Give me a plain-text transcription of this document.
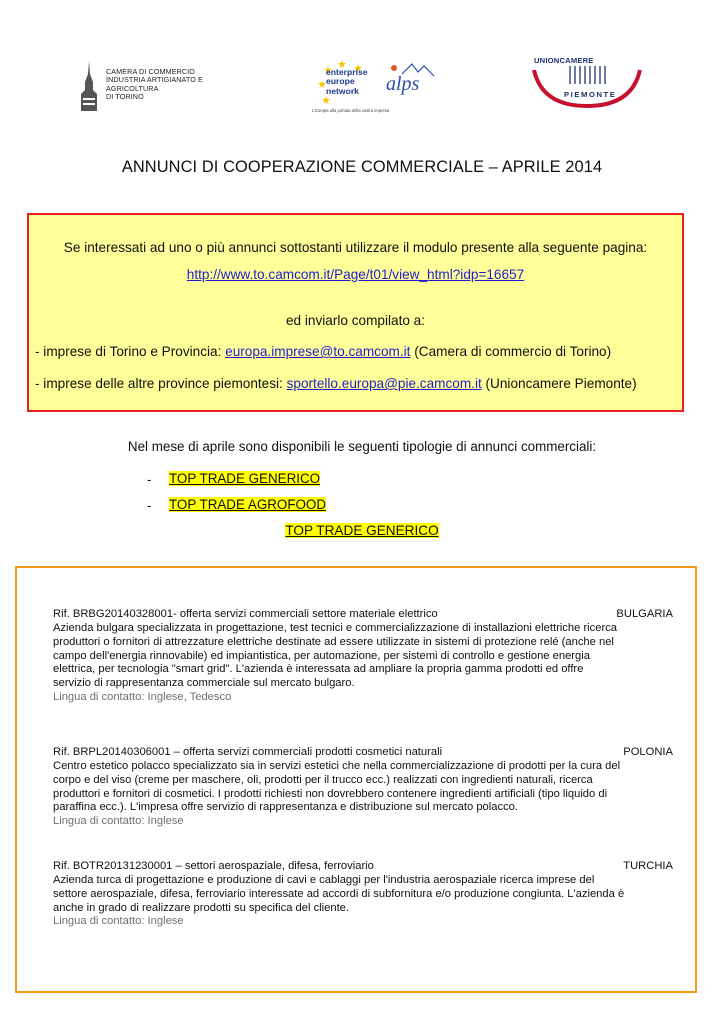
CAMERA DI COMMERCIO
INDUSTRIA ARTIGIANATO E AGRICOLTURA
DI TORINO
enterprise
europe
network
L'Europa alla portata della vostra impresa
alps
UNIONCAMERE
PIEMONTE
ANNUNCI DI COOPERAZIONE COMMERCIALE – APRILE 2014
Se interessati ad uno o più annunci sottostanti utilizzare il modulo presente alla seguente pagina:
http://www.to.camcom.it/Page/t01/view_html?idp=16657
ed inviarlo compilato a:
- imprese di Torino e Provincia: europa.imprese@to.camcom.it (Camera di commercio di Torino)
- imprese delle altre province piemontesi: sportello.europa@pie.camcom.it (Unioncamere Piemonte)
Nel mese di aprile sono disponibili le seguenti tipologie di annunci commerciali:
- TOP TRADE GENERICO
- TOP TRADE AGROFOOD
TOP TRADE GENERICO
Rif. BRBG20140328001- offerta servizi commerciali settore materiale elettrico	BULGARIA
Azienda bulgara specializzata in progettazione, test tecnici e commercializzazione di installazioni elettriche ricerca
produttori o fornitori di attrezzature elettriche destinate ad essere utilizzate in sistemi di protezione relé (anche nel
campo dell'energia rinnovabile) ed impiantistica, per automazione, per sistemi di controllo e gestione energia
elettrica, per tecnologia "smart grid". L'azienda è interessata ad ampliare la propria gamma prodotti ed offre
servizio di rappresentanza commerciale sul mercato bulgaro.
Lingua di contatto: Inglese, Tedesco
Rif. BRPL20140306001 – offerta servizi commerciali prodotti cosmetici naturali	POLONIA
Centro estetico polacco specializzato sia in servizi estetici che nella commercializzazione di prodotti per la cura del
corpo e del viso (creme per maschere, oli, prodotti per il trucco ecc.) realizzati con ingredienti naturali, ricerca
produttori e fornitori di cosmetici. I prodotti richiesti non dovrebbero contenere ingredienti artificiali (tipo liquido di
paraffina ecc.). L'impresa offre servizio di rappresentanza e distribuzione sul mercato polacco.
Lingua di contatto: Inglese
Rif. BOTR20131230001 – settori aerospaziale, difesa, ferroviario	TURCHIA
Azienda turca di progettazione e produzione di cavi e cablaggi per l'industria aerospaziale ricerca imprese del
settore aerospaziale, difesa, ferroviario interessate ad accordi di subfornitura e/o produzione congiunta. L'azienda è
anche in grado di realizzare prodotti su specifica del cliente.
Lingua di contatto: Inglese
